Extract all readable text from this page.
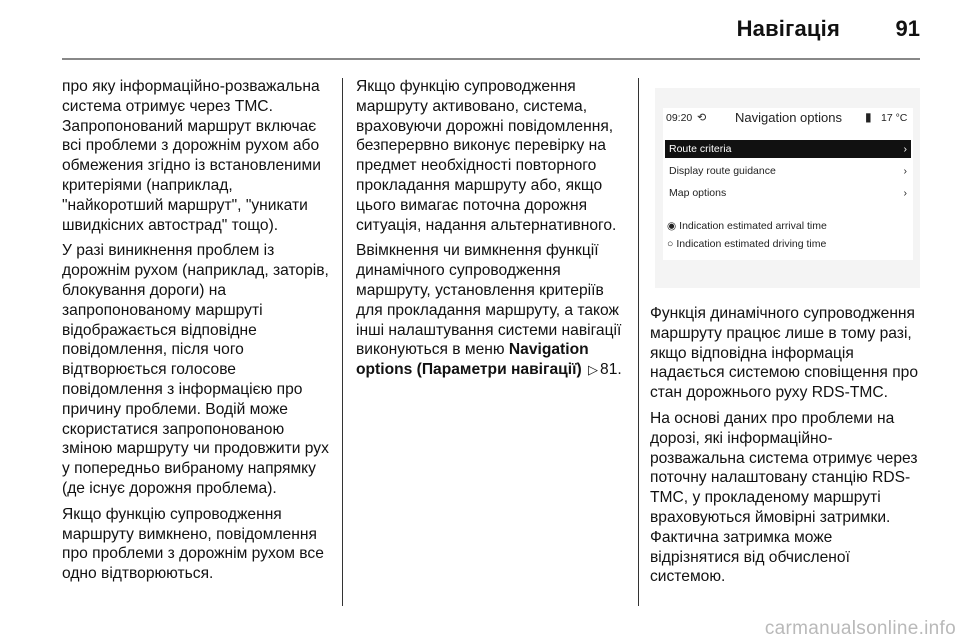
Навігація	91

про яку інформаційно-розважальна система отримує через TMC. Запропонований маршрут включає всі проблеми з дорожнім рухом або обмежения згідно із встановленими критеріями (наприклад, "найкоротший маршрут", "уникати швидкісних автострад" тощо).

У разі виникнення проблем із дорожнім рухом (наприклад, заторів, блокування дороги) на запропонованому маршруті відображається відповідне повідомлення, після чого відтворюється голосове повідомлення з інформацією про причину проблеми. Водій може скористатися запропонованою зміною маршруту чи продовжити рух у попередньо вибраному напрямку (де існує дорожня проблема).

Якщо функцію супроводження маршруту вимкнено, повідомлення про проблеми з дорожнім рухом все одно відтворюються.

Якщо функцію супроводження маршруту активовано, система, враховуючи дорожні повідомлення, безперервно виконує перевірку на предмет необхідності повторного прокладання маршруту або, якщо цього вимагає поточна дорожня ситуація, надання альтернативного.

Ввімкнення чи вимкнення функції динамічного супроводження маршруту, установлення критеріїв для прокладання маршруту, а також інші налаштування системи навігації виконуються в меню Navigation options (Параметри навігації) ▷ 81.

09:20 ⟲ Navigation options ▮ 17 °C
Route criteria	›
Display route guidance	›
Map options	›
◉ Indication estimated arrival time
○ Indication estimated driving time

Функція динамічного супроводження маршруту працює лише в тому разі, якщо відповідна інформація надається системою сповіщення про стан дорожнього руху RDS-TMC.

На основі даних про проблеми на дорозі, які інформаційно-розважальна система отримує через поточну налаштовану станцію RDS-TMC, у прокладеному маршруті враховуються ймовірні затримки. Фактична затримка може відрізнятися від обчисленої системою.

carmanualsonline.info
